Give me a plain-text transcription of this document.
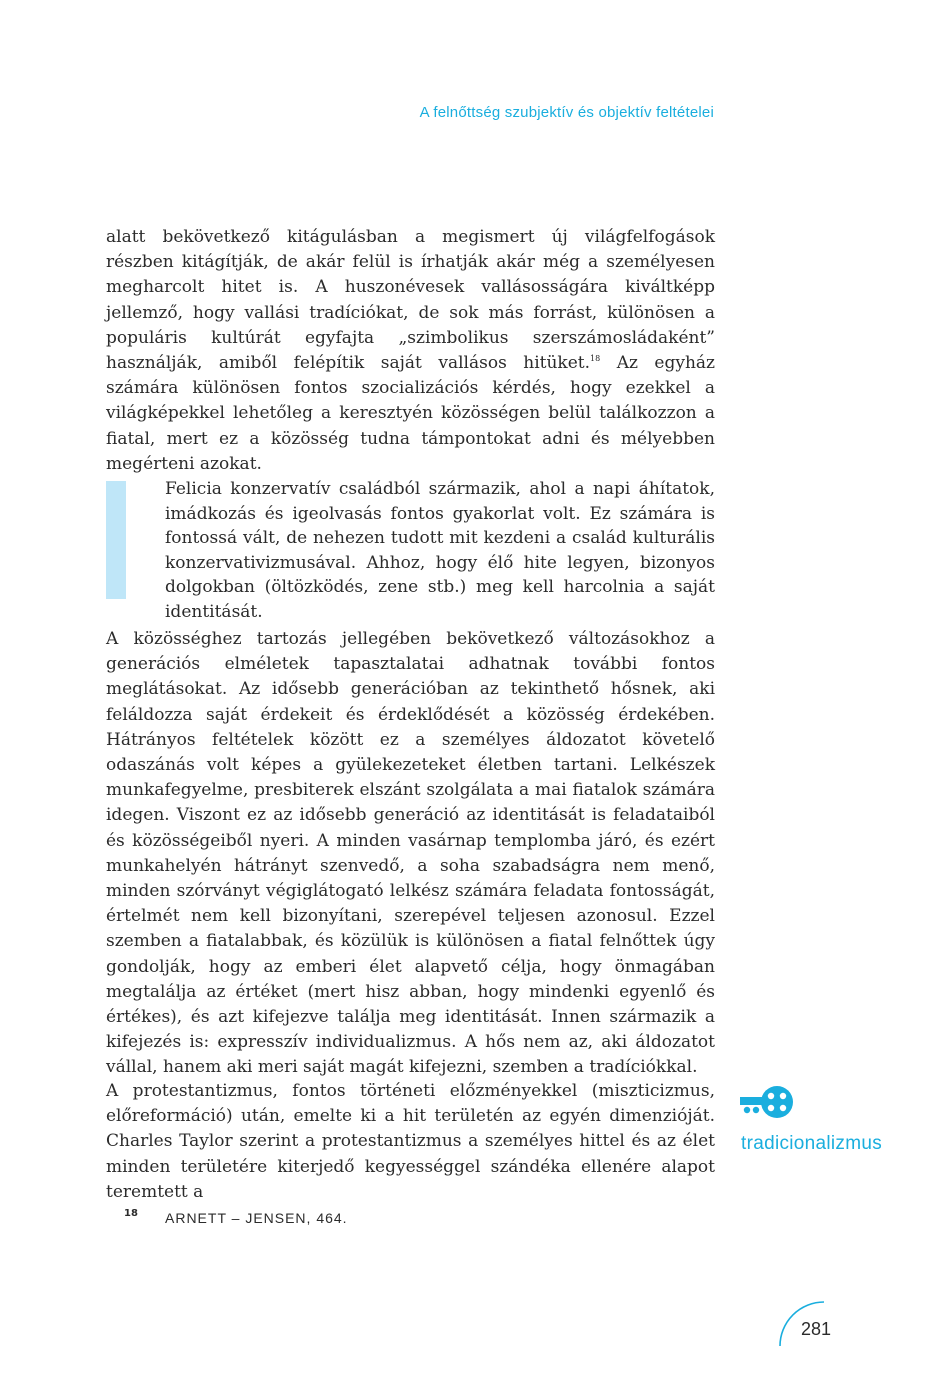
A felnőttség szubjektív és objektív feltételei

alatt bekövetkező kitágulásban a megismert új világfelfogások részben kitágítják, de akár felül is írhatják akár még a személyesen megharcolt hitet is. A huszonévesek vallásosságára kiváltképp jellemző, hogy vallási tradíciókat, de sok más forrást, különösen a populáris kultúrát egyfajta „szimbolikus szerszámosládaként” használják, amiből felépítik saját vallásos hitüket.$^{18}$ Az egyház számára különösen fontos szocializációs kérdés, hogy ezekkel a világképekkel lehetőleg a keresztyén közösségen belül találkozzon a fiatal, mert ez a közösség tudna támpontokat adni és mélyebben megérteni azokat.

Felicia konzervatív családból származik, ahol a napi áhítatok, imádkozás és igeolvasás fontos gyakorlat volt. Ez számára is fontossá vált, de nehezen tudott mit kezdeni a család kulturális konzervativizmusával. Ahhoz, hogy élő hite legyen, bizonyos dolgokban (öltözködés, zene stb.) meg kell harcolnia a saját identitását.

A közösséghez tartozás jellegében bekövetkező változásokhoz a generációs elméletek tapasztalatai adhatnak további fontos meglátásokat. Az idősebb generációban az tekinthető hősnek, aki feláldozza saját érdekeit és érdeklődését a közösség érdekében. Hátrányos feltételek között ez a személyes áldozatot követelő odaszánás volt képes a gyülekezeteket életben tartani. Lelkészek munkafegyelme, presbiterek elszánt szolgálata a mai fiatalok számára idegen. Viszont ez az idősebb generáció az identitását is feladataiból és közösségeiből nyeri. A minden vasárnap templomba járó, és ezért munkahelyén hátrányt szenvedő, a soha szabadságra nem menő, minden szórványt végiglátogató lelkész számára feladata fontosságát, értelmét nem kell bizonyítani, szerepével teljesen azonosul. Ezzel szemben a fiatalabbak, és közülük is különösen a fiatal felnőttek úgy gondolják, hogy az emberi élet alapvető célja, hogy önmagában megtalálja az értéket (mert hisz abban, hogy mindenki egyenlő és értékes), és azt kifejezve találja meg identitását. Innen származik a kifejezés is: expresszív individualizmus. A hős nem az, aki áldozatot vállal, hanem aki meri saját magát kifejezni, szemben a tradíciókkal.

A protestantizmus, fontos történeti előzményekkel (miszticizmus, előreformáció) után, emelte ki a hit területén az egyén dimenzióját. Charles Taylor szerint a protestantizmus a személyes hittel és az élet minden területére kiterjedő kegyességgel szándéka ellenére alapot teremtett a

tradicionalizmus
18 ARNETT – JENSEN, 464.
281
